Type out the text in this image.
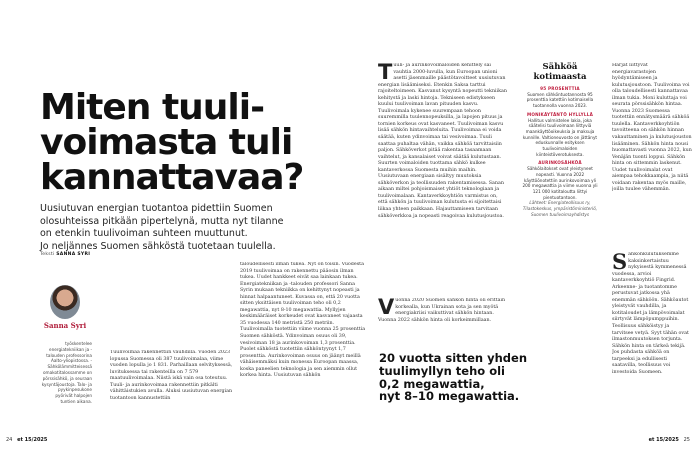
Miten tuuli-
voimasta tuli
kannattavaa?
Uusiutuvan energian tuotantoa pidettiin Suomen
olosuhteissa pitkään pipertelynä, mutta nyt tilanne
on etenkin tuulivoiman suhteen muuttunut.
Jo neljännes Suomen sähköstä tuotetaan tuulella.
Teksti SANNA SYRI
Sanna Syri
työskentelee energiatekniikan ja -talouden professorina Aalto-yliopistossa. - Sähkölämmitteisessä omakotitalossamme on pörssisähkö, ja seuraan kysyntäjoustoja. Talo- ja pyykinpesukone pyörivät halpojen tuntien aikana.

Tuulivoimaa rakennettiin vauhdilla. Vuoden 2023 lopussa Suomessa oli 387 tuulivoimalaa, viime vuoden lopulla jo 1 831. Parhaillaan selvityksessä, luvituksessa tai rakenteilla on 7 579 maatuulivoimalaa. Niistä iskä vain osa toteutuu. Tuuli- ja aurinkovoimaa rakennettiin pitkälti vähittäistukien avulla. Aluksi uusiutuvan energian tuotantoon kannustettiin

taloudellisesti ilman tukea. Nyt on toisin. Vuodesta 2019 tuulivoimaa on rakennettu pääosin ilman tukea. Uudet hankkeet eivät saa lainkaan tukea. Energiatekniikan ja -talouden professori Sanna Syrin mukaan tekniikka on kehittynyt nopeasti ja hinnat halpaantuneet. Kuvassa on, että 20 vuotta sitten yksittäisen tuulivoiman teho oli 0,2 megawattia, nyt 8-10 megawattia. Myllyjen keskimääräiset korkeudet ovat kasvaneet vajaasta 35 vuodessa 140 metristä 250 metriin. Tuulivoimalla tuotettiin viime vuonna 25 prosenttia Suomen sähköstä. Ydinvoiman osuus oli 39, vesivoiman 18 ja aurinkovoiman 1,3 prosenttia. Puolet sähköstä tuotettiin sähköntyynyt 1,7 prosenttia. Aurinkovoiman osuus on jäänyt meillä vähäisemmäksi kuin monessa Euroopan maassa, koska paneelien teknologia ja sen aiemmin ollut korkea hinta. Uusiutuvan sähkön

T uuli- ja aurinkovoimaloiden kehittely sai vauhtia 2000-luvulla, kun Euroopan unioni asetti jäsenmaille päästötavoitteet uusiutuvan energian lisäämiseksi. Etenkin Saksa tarttui rajoiteltoimeen. Kasvanut kysyntä nopeutti tekniikan kehitystä ja laski hintoja. Tekniseen edistykseen kuului tuulivoiman lavan pituuden kasvu. Tuulivoimala kykenee suurempaan tehoon suuremmilla tuulennopeuksilla, ja lapojen pituus ja tornien korkeus ovat kasvaneet. Tuulivoiman kasvu lisää sähkön hintavaihteluita. Tuulivoimaa ei voida säätää, kuten ydinvoimaa tai vesivoimaa. Tuuli saattaa puhaltaa vähän, vaikka sähköä tarvittaisiin paljon. Sähköverkot pitää rakentaa tasaamaan vaihtelut, ja kansalaiset voivat säätää kulutustaan. Suurten voimaloiden tuottama sähkö kulkee kantaverkossa Suomesta muihin maihin. Uusiutuvaan energiaan sisältyy muutoksia sähköverkon ja teollisuuden rakentamisessa. Sanan aikaan miltei pohjoismaiset yhtiöt teknologiaan ja tuulivoimalaan. Kantaverkkoyhtiön varmistus on, että sähkön ja tuulivoiman kulutusta ei sijoitettaisi liikaa yhteen paikkaan. Hajauttamiseen tarvitaan sähköverkkoa ja nopeasti reagoivaa kulutusjoustoa.

V uonna 2020 Suomen sähkön hinta oli erittäin korkealla, kun Ukrainan sota ja sen myötä energiakriisi vaikuttivat sähkön hintaan. Vuonna 2022 sähkön hinta oli korkeimmillaan.

Sähköä kotimaasta
95 PROSENTTIA

Suomen sähköntuotannosta 95 prosenttia katettiin kotimaisella tuotannolla vuonna 2023.

MONIKÄYTÄNTÖ HYLLYLLÄ

Hallitus valmistelee lakia, joka säätelisi tuulivoimaan liittyviä maankäyttöoikeuksia ja maksuja kunnille. Valtioneuvosto on jättänyt eduskunnalle esityksen tuulivoimaloiden kiinteistöverotuksesta.

AURINKOSÄHKÖÄ

Sähkölaitokset ovat yleistyneet nopeasti. Vuonna 2022 käyttöönotettiin aurinkovoimaa yli 200 megawattia ja viime vuonna yli 121 000 kotitaloutta liittyi pientuotantoon.

Lähteet: Energiateollisuus ry, Tilastokeskus, ympäristöministeriö, Suomen tuulivoimayhdistys

20 vuotta sitten yhden
tuulimyllyn teho oli
0,2 megawattia,
nyt 8–10 megawattia.

Harjat liittyvät energiavarastojen hyödyntämiseen ja kulutusjoustoon. Tuulivoima voi olla taloudellisesti kannattavaa ilman tukia. Moni kuluttaja voi seurata pörssisähkön hintaa. Vuonna 2023 Suomessa tuotettiin ennätysmäärä sähköä tuulella. Kantaverkkoyhtiön tavoitteena on sähkön hinnan vakauttaminen ja kulutusjouston lisääminen. Sähkön hinta nousi huomattavasti vuonna 2022, kun Venäjän tuonti loppui. Sähkön hinta on sittemmin laskenut. Uudet tuulivoimalat ovat aiempaa tehokkaampia, ja niitä voidaan rakentaa myös maille, joilla tuulee vähemmän.

S ähkönkulutuksemme kaksinkertaistuu nykyisestä kymmenessä vuodessa, arvioi kantaverkkoyhtiö Fingrid. Arkeenne- ja tuotantomme perustuvat jatkossa yhä enemmän sähköön. Sähköautot yleistyvät vauhdilla, ja kotitaloudet ja lämpövoimalat siirtyvät lämpöpumppuihin. Teollisuus sähköistyy ja tarvitsee vetyä. Syyt tähän ovat ilmastonmuutoksen torjunta. Sähkön hinta on tärkeä tekijä. Jos puhdasta sähköä on tarpeeksi ja edullisesti saatavilla, teollisuus voi investoida Suomeen.

24 et 15/2025	et 15/2025 25
